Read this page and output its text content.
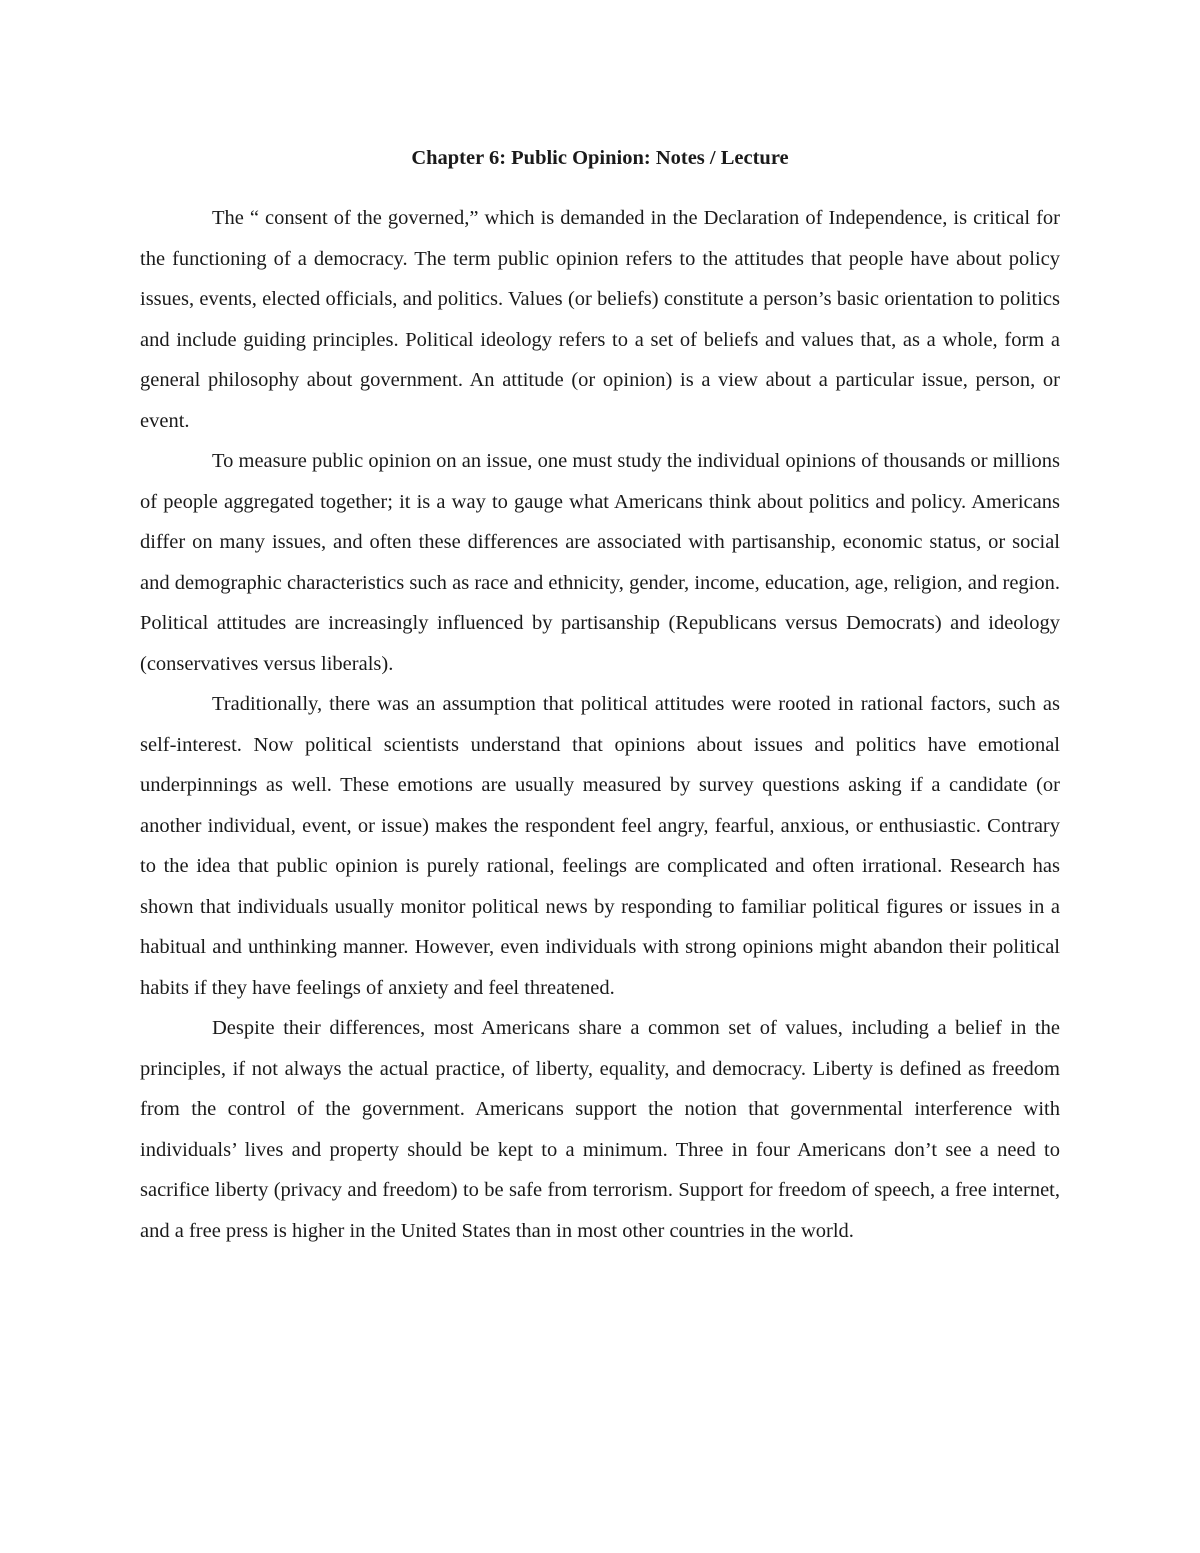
Chapter 6: Public Opinion: Notes / Lecture

The “ consent of the governed,” which is demanded in the Declaration of Independence, is critical for the functioning of a democracy. The term public opinion refers to the attitudes that people have about policy issues, events, elected officials, and politics. Values (or beliefs) constitute a person’s basic orientation to politics and include guiding principles. Political ideology refers to a set of beliefs and values that, as a whole, form a general philosophy about government. An attitude (or opinion) is a view about a particular issue, person, or event.

To measure public opinion on an issue, one must study the individual opinions of thousands or millions of people aggregated together; it is a way to gauge what Americans think about politics and policy. Americans differ on many issues, and often these differences are associated with partisanship, economic status, or social and demographic characteristics such as race and ethnicity, gender, income, education, age, religion, and region. Political attitudes are increasingly influenced by partisanship (Republicans versus Democrats) and ideology (conservatives versus liberals).

Traditionally, there was an assumption that political attitudes were rooted in rational factors, such as self-interest. Now political scientists understand that opinions about issues and politics have emotional underpinnings as well. These emotions are usually measured by survey questions asking if a candidate (or another individual, event, or issue) makes the respondent feel angry, fearful, anxious, or enthusiastic. Contrary to the idea that public opinion is purely rational, feelings are complicated and often irrational. Research has shown that individuals usually monitor political news by responding to familiar political figures or issues in a habitual and unthinking manner. However, even individuals with strong opinions might abandon their political habits if they have feelings of anxiety and feel threatened.

Despite their differences, most Americans share a common set of values, including a belief in the principles, if not always the actual practice, of liberty, equality, and democracy. Liberty is defined as freedom from the control of the government. Americans support the notion that governmental interference with individuals’ lives and property should be kept to a minimum. Three in four Americans don’t see a need to sacrifice liberty (privacy and freedom) to be safe from terrorism. Support for freedom of speech, a free internet, and a free press is higher in the United States than in most other countries in the world.
